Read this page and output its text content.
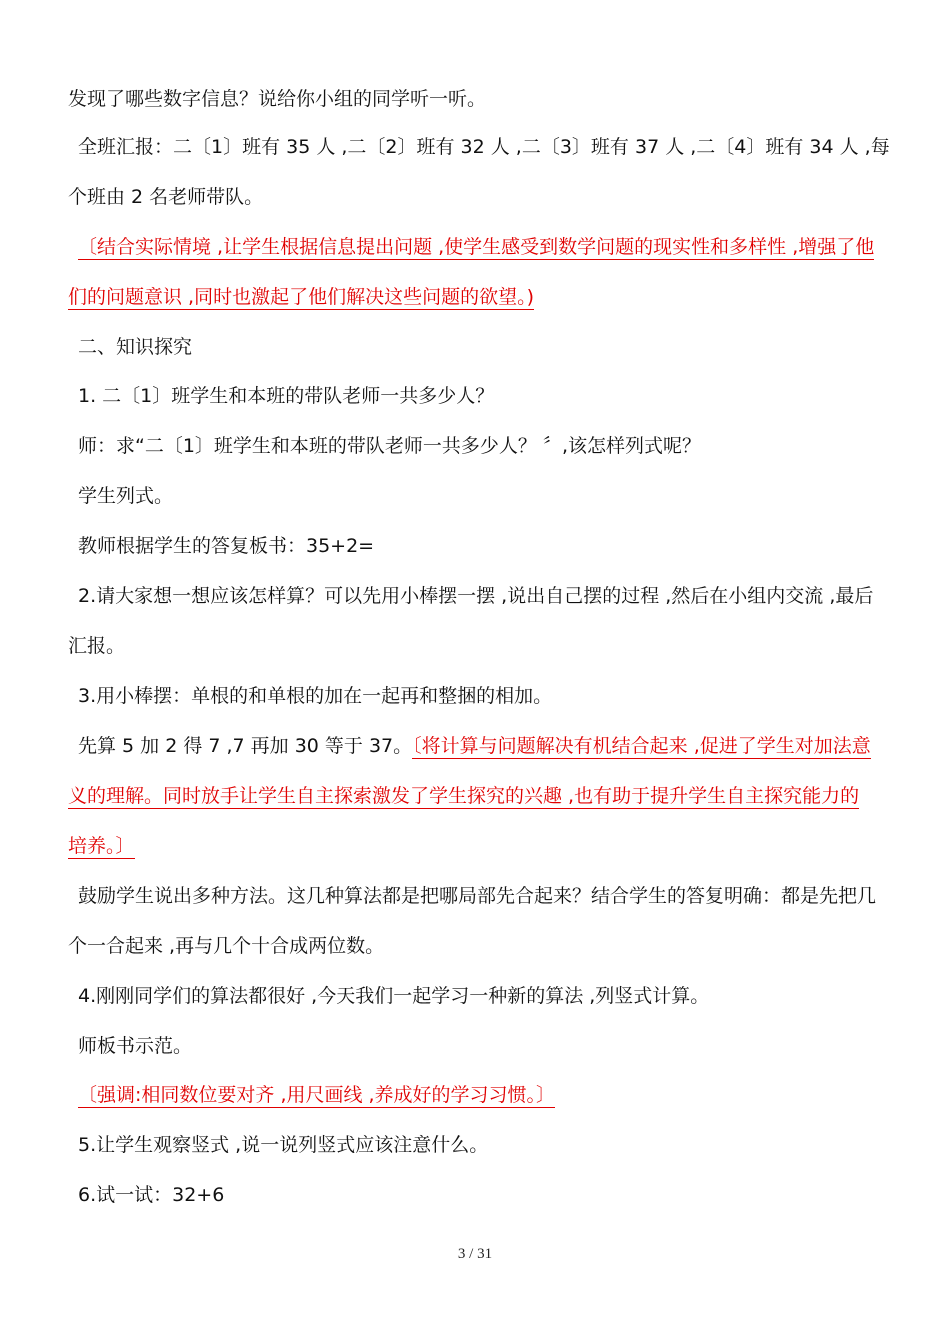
发现了哪些数字信息？说给你小组的同学听一听。
全班汇报：二〔1〕班有 35 人 ,二〔2〕班有 32 人 ,二〔3〕班有 37 人 ,二〔4〕班有 34 人 ,每
个班由 2 名老师带队。
〔结合实际情境 ,让学生根据信息提出问题 ,使学生感受到数学问题的现实性和多样性 ,增强了他
们的问题意识 ,同时也激起了他们解决这些问题的欲望。)
二、知识探究
1. 二〔1〕班学生和本班的带队老师一共多少人？
师：求“二〔1〕班学生和本班的带队老师一共多少人？ 〞,该怎样列式呢？
学生列式。
教师根据学生的答复板书：35+2=
2.请大家想一想应该怎样算？可以先用小棒摆一摆 ,说出自己摆的过程 ,然后在小组内交流 ,最后
汇报。
3.用小棒摆：单根的和单根的加在一起再和整捆的相加。
先算 5 加 2 得 7 ,7 再加 30 等于 37。〔将计算与问题解决有机结合起来 ,促进了学生对加法意
义的理解。同时放手让学生自主探索激发了学生探究的兴趣 ,也有助于提升学生自主探究能力的
培养。〕
鼓励学生说出多种方法。这几种算法都是把哪局部先合起来？结合学生的答复明确：都是先把几
个一合起来 ,再与几个十合成两位数。
4.刚刚同学们的算法都很好 ,今天我们一起学习一种新的算法 ,列竖式计算。
师板书示范。
〔强调:相同数位要对齐 ,用尺画线 ,养成好的学习习惯。〕
5.让学生观察竖式 ,说一说列竖式应该注意什么。
6.试一试：32+6
3 / 31
